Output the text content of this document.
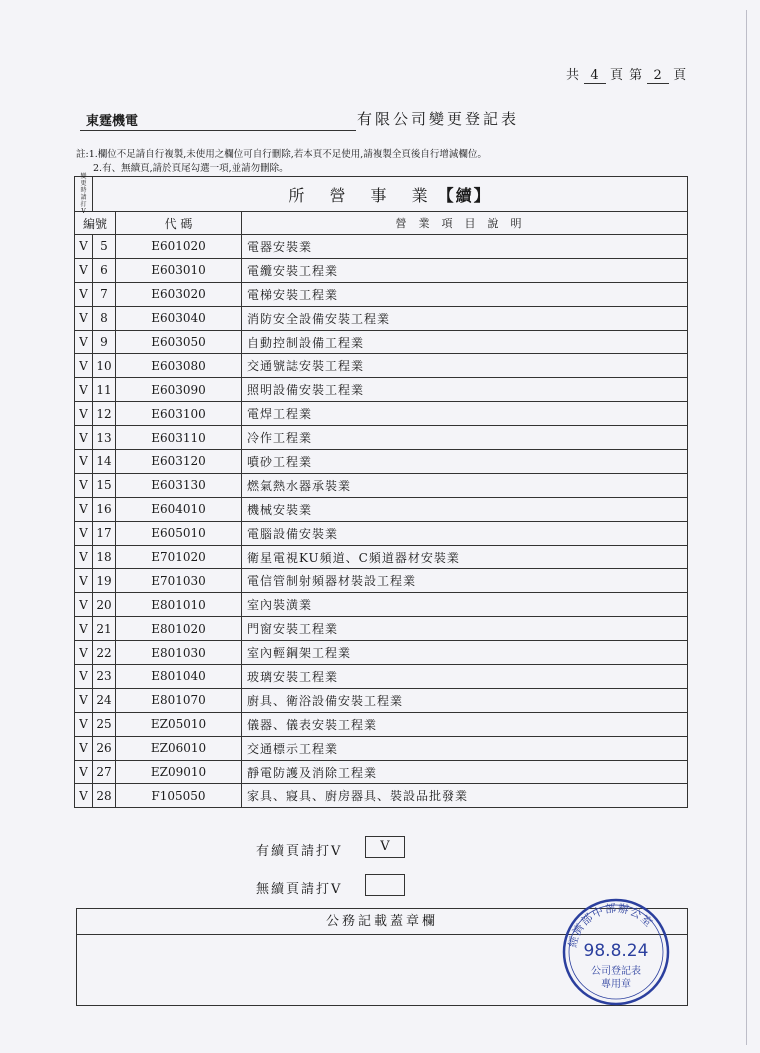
共 4 頁 第 2 頁
東霆機電	有限公司變更登記表
註:1.欄位不足請自行複製,未使用之欄位可自行刪除,若本頁不足使用,請複製全頁後自行增減欄位。
2.有、無續頁,請於頁尾勾選一項,並請勿刪除。
變
更
時
請
打
V
所 營 事 業 【續】
編號	代 碼	營業項目說明
V	5	E601020	電器安裝業
V	6	E603010	電纜安裝工程業
V	7	E603020	電梯安裝工程業
V	8	E603040	消防安全設備安裝工程業
V	9	E603050	自動控制設備工程業
V 10	E603080	交通號誌安裝工程業
V 11	E603090	照明設備安裝工程業
V 12	E603100	電焊工程業
V 13	E603110	冷作工程業
V 14	E603120	噴砂工程業
V 15	E603130	燃氣熱水器承裝業
V 16	E604010	機械安裝業
V 17	E605010	電腦設備安裝業
V 18	E701020	衛星電視KU頻道、C頻道器材安裝業
V 19	E701030	電信管制射頻器材裝設工程業
V 20	E801010	室內裝潢業
V 21	E801020	門窗安裝工程業
V 22	E801030	室內輕鋼架工程業
V 23	E801040	玻璃安裝工程業
V 24	E801070	廚具、衛浴設備安裝工程業
V 25	EZ05010	儀器、儀表安裝工程業
V 26	EZ06010	交通標示工程業
V 27	EZ09010	靜電防護及消除工程業
V 28	F105050	家具、寢具、廚房器具、裝設品批發業
有續頁請打V	V
無續頁請打V
公務記載蓋章欄
經濟部中部辦公室
98.8.24
公司登記表
專用章
